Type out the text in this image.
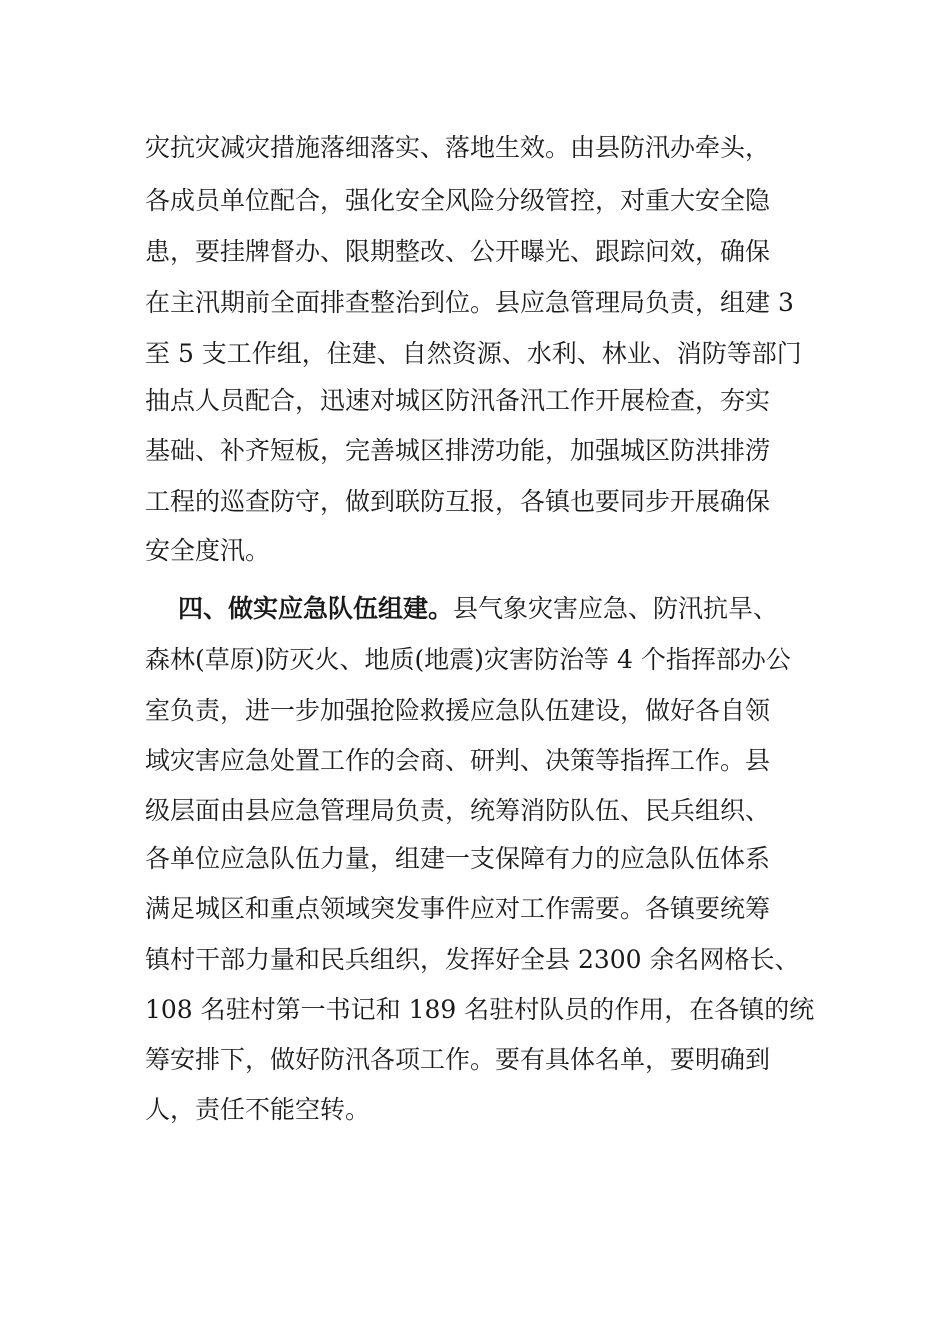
灾抗灾减灾措施落细落实、落地生效。由县防汛办牵头，
各成员单位配合，强化安全风险分级管控，对重大安全隐
患，要挂牌督办、限期整改、公开曝光、跟踪问效，确保
在主汛期前全面排查整治到位。县应急管理局负责，组建 3
至 5 支工作组，住建、自然资源、水利、林业、消防等部门
抽点人员配合，迅速对城区防汛备汛工作开展检查，夯实
基础、补齐短板，完善城区排涝功能，加强城区防洪排涝
工程的巡查防守，做到联防互报，各镇也要同步开展确保
安全度汛。
四、做实应急队伍组建。县气象灾害应急、防汛抗旱、
森林(草原)防灭火、地质(地震)灾害防治等 4 个指挥部办公
室负责，进一步加强抢险救援应急队伍建设，做好各自领
域灾害应急处置工作的会商、研判、决策等指挥工作。县
级层面由县应急管理局负责，统筹消防队伍、民兵组织、
各单位应急队伍力量，组建一支保障有力的应急队伍体系
满足城区和重点领域突发事件应对工作需要。各镇要统筹
镇村干部力量和民兵组织，发挥好全县 2300 余名网格长、
108 名驻村第一书记和 189 名驻村队员的作用，在各镇的统
筹安排下，做好防汛各项工作。要有具体名单，要明确到
人，责任不能空转。
